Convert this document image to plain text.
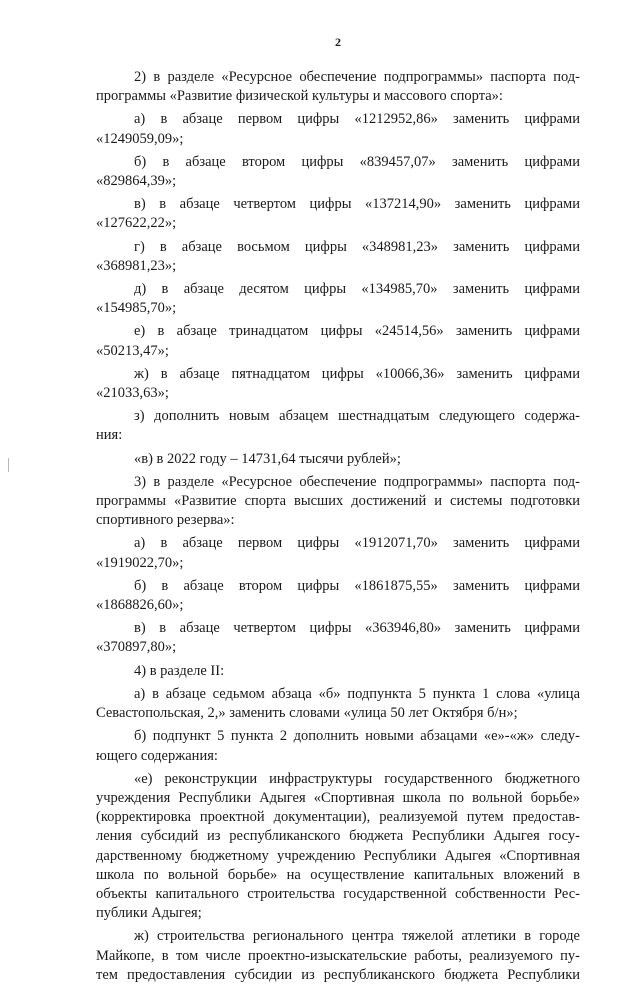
2
2) в разделе «Ресурсное обеспечение подпрограммы» паспорта под-
программы «Развитие физической культуры и массового спорта»:
а) в абзаце первом цифры «1212952,86» заменить цифрами
«1249059,09»;
б) в абзаце втором цифры «839457,07» заменить цифрами
«829864,39»;
в) в абзаце четвертом цифры «137214,90» заменить цифрами
«127622,22»;
г) в абзаце восьмом цифры «348981,23» заменить цифрами
«368981,23»;
д) в абзаце десятом цифры «134985,70» заменить цифрами
«154985,70»;
е) в абзаце тринадцатом цифры «24514,56» заменить цифрами
«50213,47»;
ж) в абзаце пятнадцатом цифры «10066,36» заменить цифрами
«21033,63»;
з) дополнить новым абзацем шестнадцатым следующего содержа-
ния:
«в) в 2022 году – 14731,64 тысячи рублей»;
3) в разделе «Ресурсное обеспечение подпрограммы» паспорта под-
программы «Развитие спорта высших достижений и системы подготовки
спортивного резерва»:
а) в абзаце первом цифры «1912071,70» заменить цифрами
«1919022,70»;
б) в абзаце втором цифры «1861875,55» заменить цифрами
«1868826,60»;
в) в абзаце четвертом цифры «363946,80» заменить цифрами
«370897,80»;
4) в разделе II:
а) в абзаце седьмом абзаца «б» подпункта 5 пункта 1 слова «улица
Севастопольская, 2,» заменить словами «улица 50 лет Октября б/н»;
б) подпункт 5 пункта 2 дополнить новыми абзацами «е»-«ж» следу-
ющего содержания:
«е) реконструкции инфраструктуры государственного бюджетного
учреждения Республики Адыгея «Спортивная школа по вольной борьбе»
(корректировка проектной документации), реализуемой путем предостав-
ления субсидий из республиканского бюджета Республики Адыгея госу-
дарственному бюджетному учреждению Республики Адыгея «Спортивная
школа по вольной борьбе» на осуществление капитальных вложений в
объекты капитального строительства государственной собственности Рес-
публики Адыгея;
ж) строительства регионального центра тяжелой атлетики в городе
Майкопе, в том числе проектно-изыскательские работы, реализуемого пу-
тем предоставления субсидии из республиканского бюджета Республики
